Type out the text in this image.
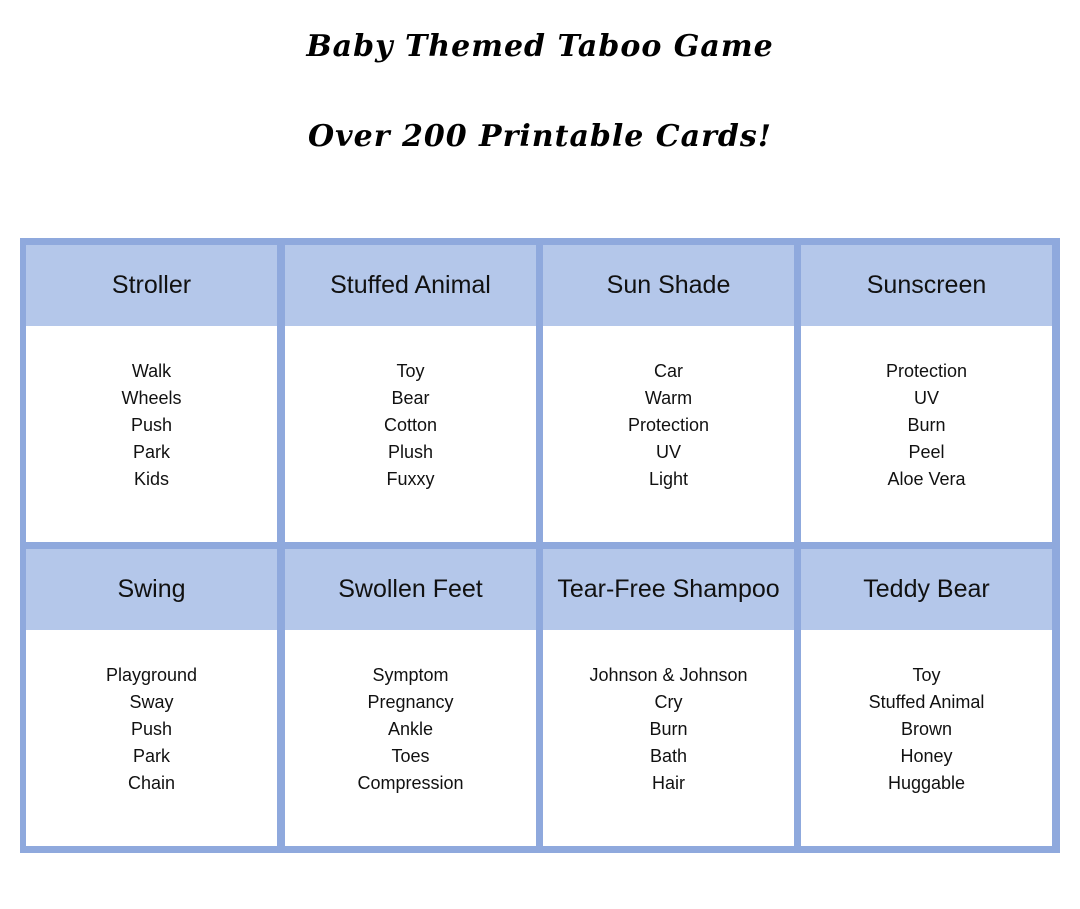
Baby Themed Taboo Game
Over 200 Printable Cards!
Stroller
Walk
Wheels
Push
Park
Kids
Stuffed Animal
Toy
Bear
Cotton
Plush
Fuxxy
Sun Shade
Car
Warm
Protection
UV
Light
Sunscreen
Protection
UV
Burn
Peel
Aloe Vera
Swing
Playground
Sway
Push
Park
Chain
Swollen Feet
Symptom
Pregnancy
Ankle
Toes
Compression
Tear-Free Shampoo
Johnson & Johnson
Cry
Burn
Bath
Hair
Teddy Bear
Toy
Stuffed Animal
Brown
Honey
Huggable
